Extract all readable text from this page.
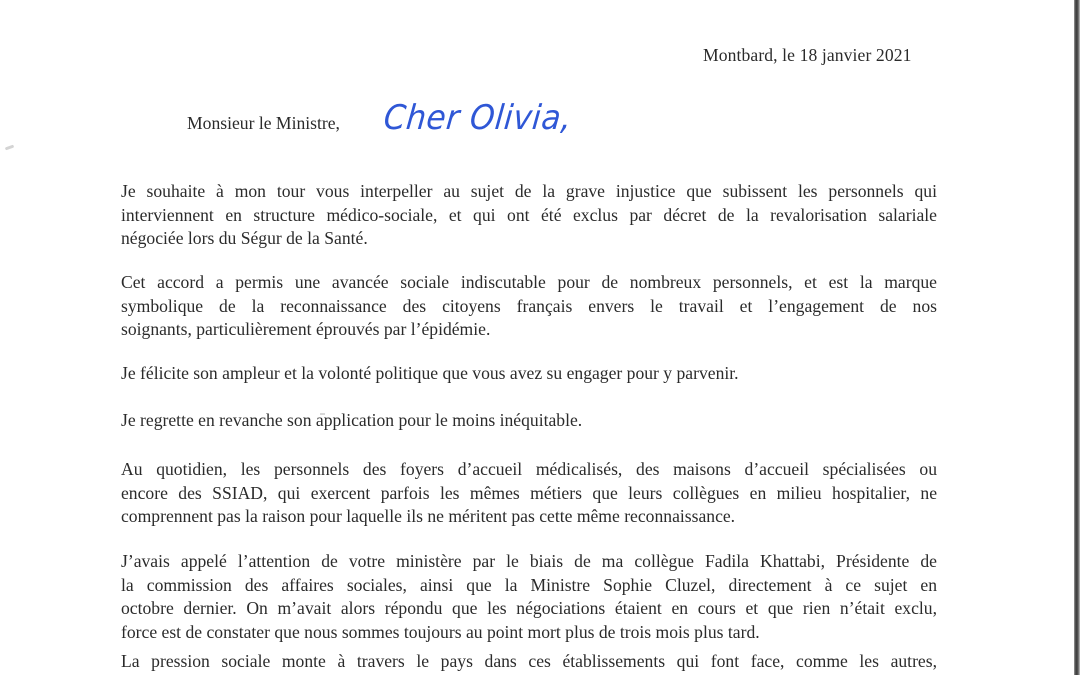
Montbard, le 18 janvier 2021
Monsieur le Ministre, Cher Olivia,
Je souhaite à mon tour vous interpeller au sujet de la grave injustice que subissent les personnels qui
interviennent en structure médico-sociale, et qui ont été exclus par décret de la revalorisation salariale
négociée lors du Ségur de la Santé.
Cet accord a permis une avancée sociale indiscutable pour de nombreux personnels, et est la marque
symbolique de la reconnaissance des citoyens français envers le travail et l’engagement de nos
soignants, particulièrement éprouvés par l’épidémie.
Je félicite son ampleur et la volonté politique que vous avez su engager pour y parvenir.
Je regrette en revanche son application pour le moins inéquitable.
Au quotidien, les personnels des foyers d’accueil médicalisés, des maisons d’accueil spécialisées ou
encore des SSIAD, qui exercent parfois les mêmes métiers que leurs collègues en milieu hospitalier, ne
comprennent pas la raison pour laquelle ils ne méritent pas cette même reconnaissance.
J’avais appelé l’attention de votre ministère par le biais de ma collègue Fadila Khattabi, Présidente de
la commission des affaires sociales, ainsi que la Ministre Sophie Cluzel, directement à ce sujet en
octobre dernier. On m’avait alors répondu que les négociations étaient en cours et que rien n’était exclu,
force est de constater que nous sommes toujours au point mort plus de trois mois plus tard.
La pression sociale monte à travers le pays dans ces établissements qui font face, comme les autres,
